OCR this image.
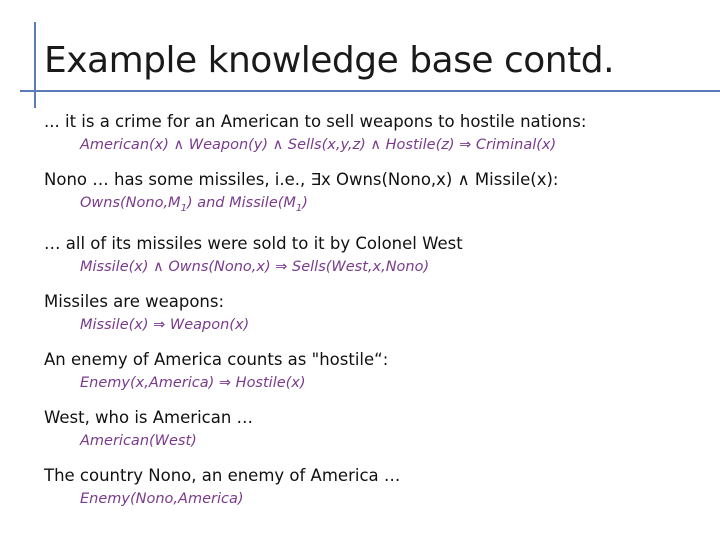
Example knowledge base contd.
... it is a crime for an American to sell weapons to hostile nations:
American(x) ∧ Weapon(y) ∧ Sells(x,y,z) ∧ Hostile(z) ⇒ Criminal(x)
Nono … has some missiles, i.e., ∃x Owns(Nono,x) ∧ Missile(x):
$Owns(Nono,M_1)$ and $Missile(M_1)$
… all of its missiles were sold to it by Colonel West
Missile(x) ∧ Owns(Nono,x) ⇒ Sells(West,x,Nono)
Missiles are weapons:
Missile(x) ⇒ Weapon(x)
An enemy of America counts as "hostile“:
Enemy(x,America) ⇒ Hostile(x)
West, who is American …
American(West)
The country Nono, an enemy of America …
Enemy(Nono,America)
